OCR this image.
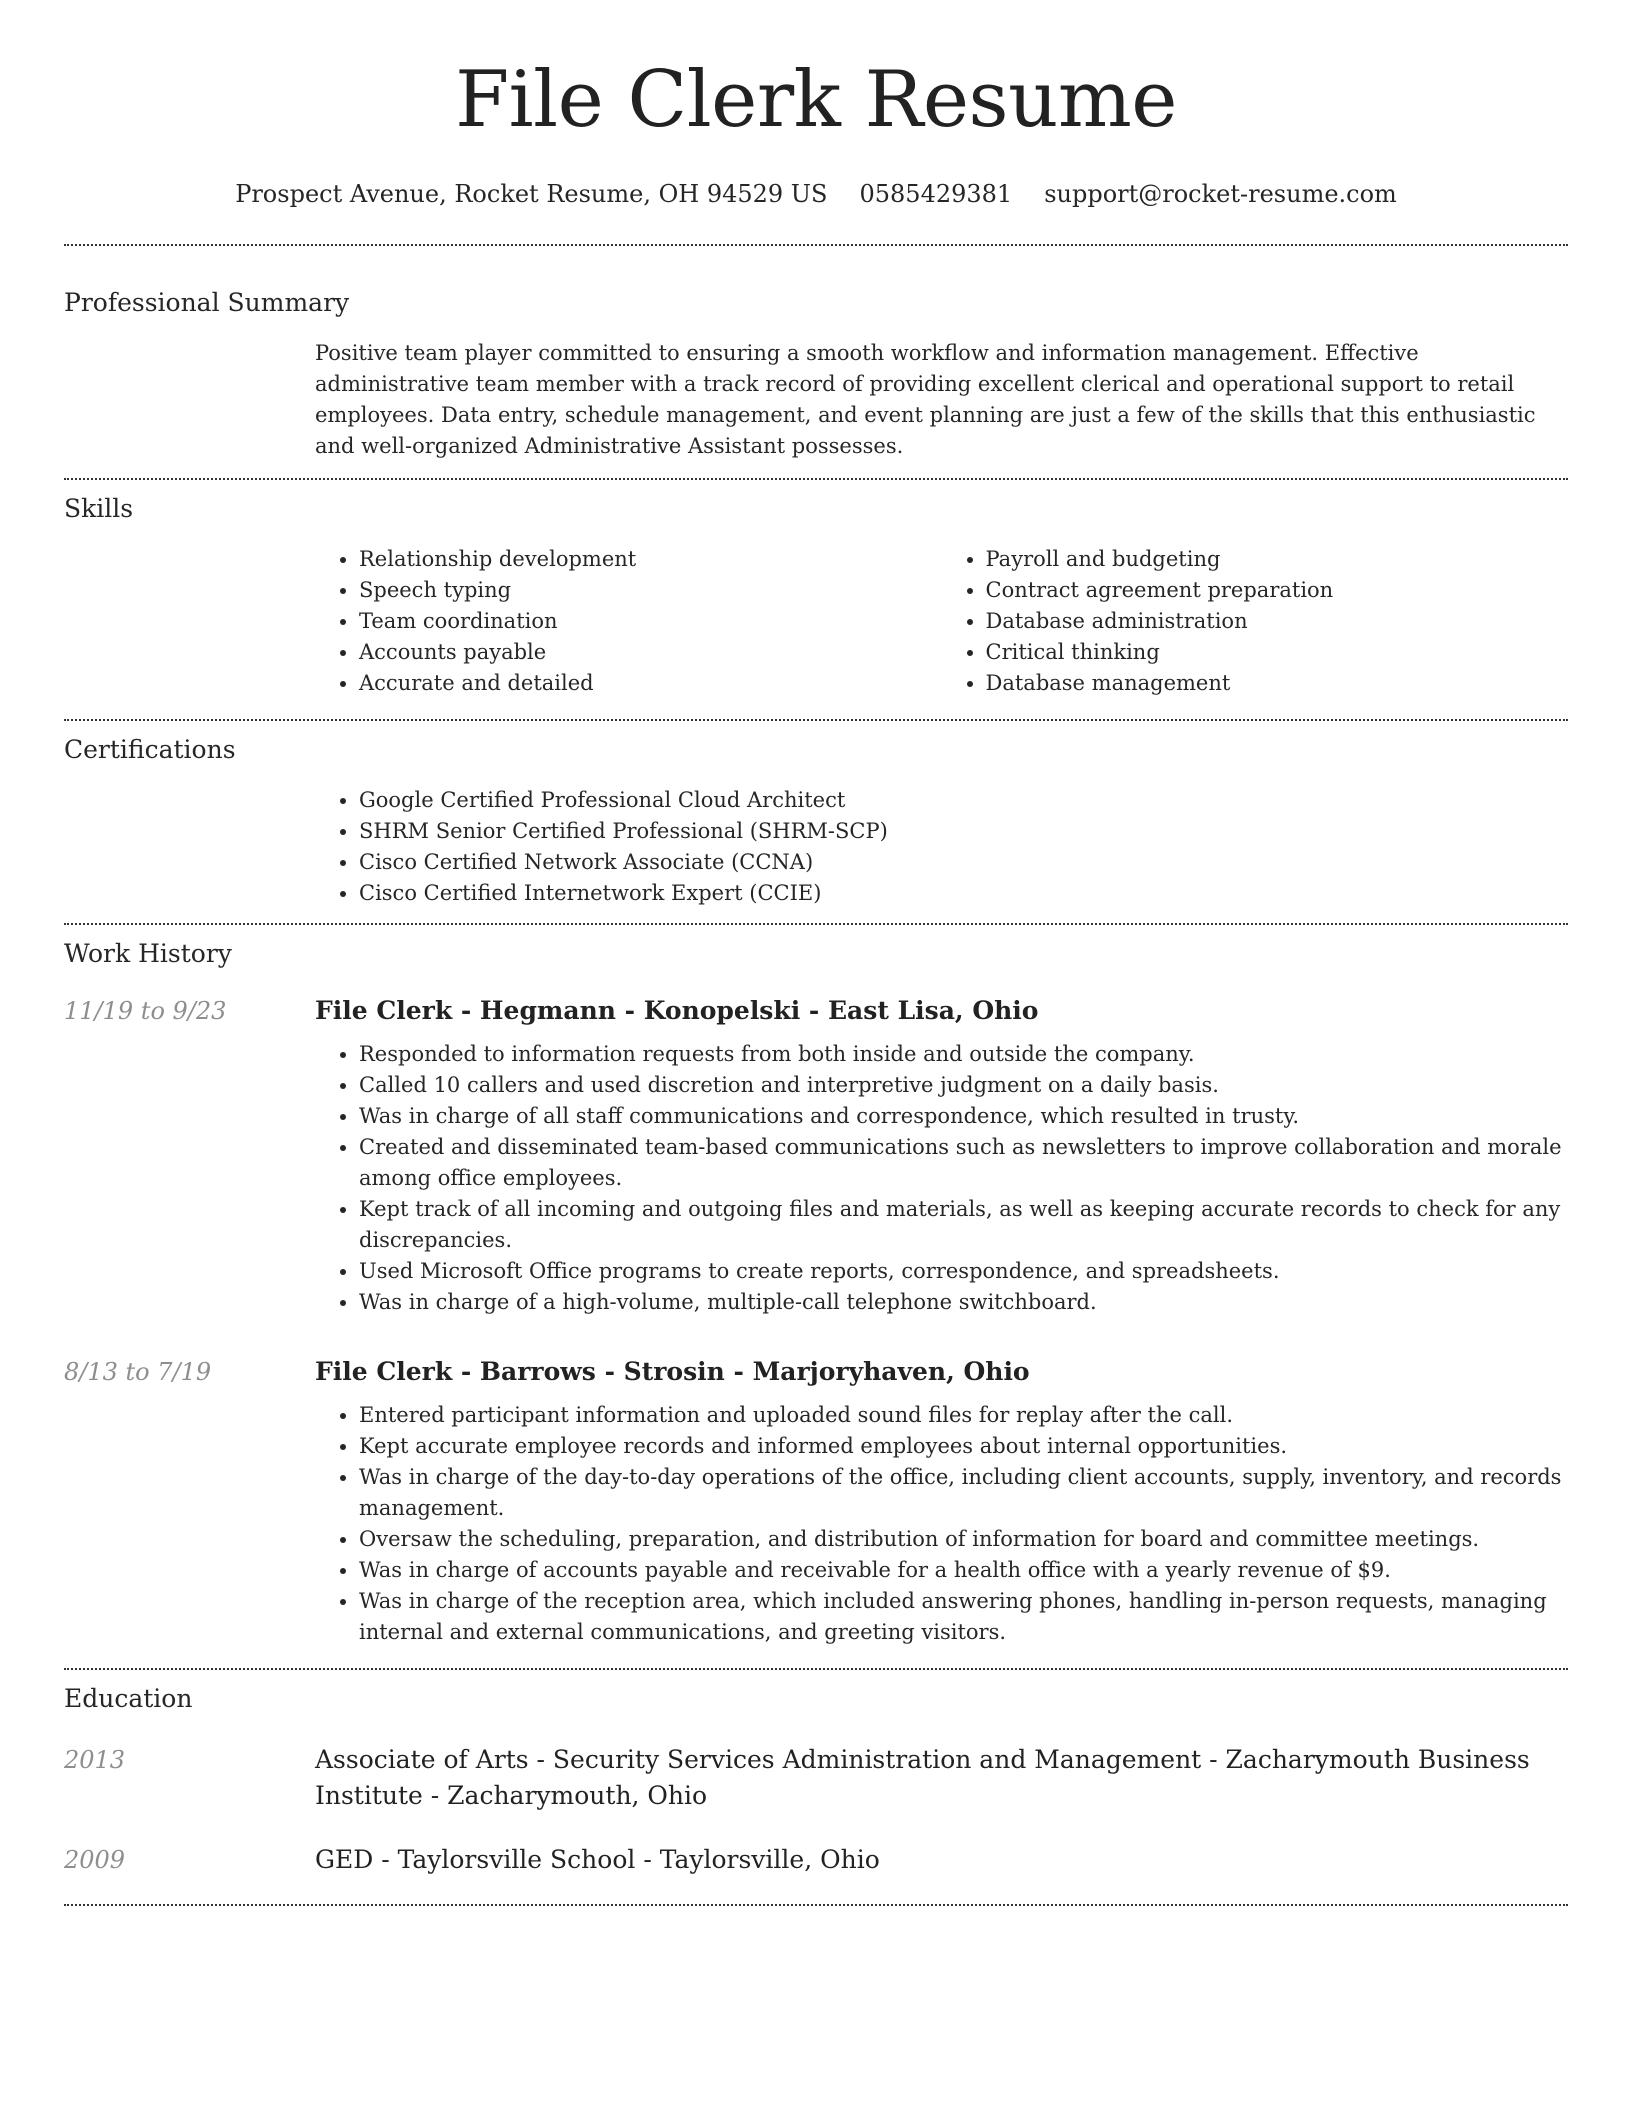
File Clerk Resume
Prospect Avenue, Rocket Resume, OH 94529 US 0585429381 support@rocket-resume.com
Professional Summary

Positive team player committed to ensuring a smooth workflow and information management. Effective administrative team member with a track record of providing excellent clerical and operational support to retail employees. Data entry, schedule management, and event planning are just a few of the skills that this enthusiastic and well-organized Administrative Assistant possesses.

Skills
• Relationship development
• Speech typing
• Team coordination
• Accounts payable
• Accurate and detailed
• Payroll and budgeting
• Contract agreement preparation
• Database administration
• Critical thinking
• Database management
Certifications
• Google Certified Professional Cloud Architect
• SHRM Senior Certified Professional (SHRM-SCP)
• Cisco Certified Network Associate (CCNA)
• Cisco Certified Internetwork Expert (CCIE)
Work History
11/19 to 9/23	File Clerk - Hegmann - Konopelski - East Lisa, Ohio
• Responded to information requests from both inside and outside the company.
• Called 10 callers and used discretion and interpretive judgment on a daily basis.
• Was in charge of all staff communications and correspondence, which resulted in trusty.
• Created and disseminated team-based communications such as newsletters to improve collaboration and morale among office employees.
• Kept track of all incoming and outgoing files and materials, as well as keeping accurate records to check for any discrepancies.
• Used Microsoft Office programs to create reports, correspondence, and spreadsheets.
• Was in charge of a high-volume, multiple-call telephone switchboard.
8/13 to 7/19	File Clerk - Barrows - Strosin - Marjoryhaven, Ohio
• Entered participant information and uploaded sound files for replay after the call.
• Kept accurate employee records and informed employees about internal opportunities.
• Was in charge of the day-to-day operations of the office, including client accounts, supply, inventory, and records management.
• Oversaw the scheduling, preparation, and distribution of information for board and committee meetings.
• Was in charge of accounts payable and receivable for a health office with a yearly revenue of $9.
• Was in charge of the reception area, which included answering phones, handling in-person requests, managing internal and external communications, and greeting visitors.
Education
2013	Associate of Arts - Security Services Administration and Management - Zacharymouth Business Institute - Zacharymouth, Ohio

2009	GED - Taylorsville School - Taylorsville, Ohio
